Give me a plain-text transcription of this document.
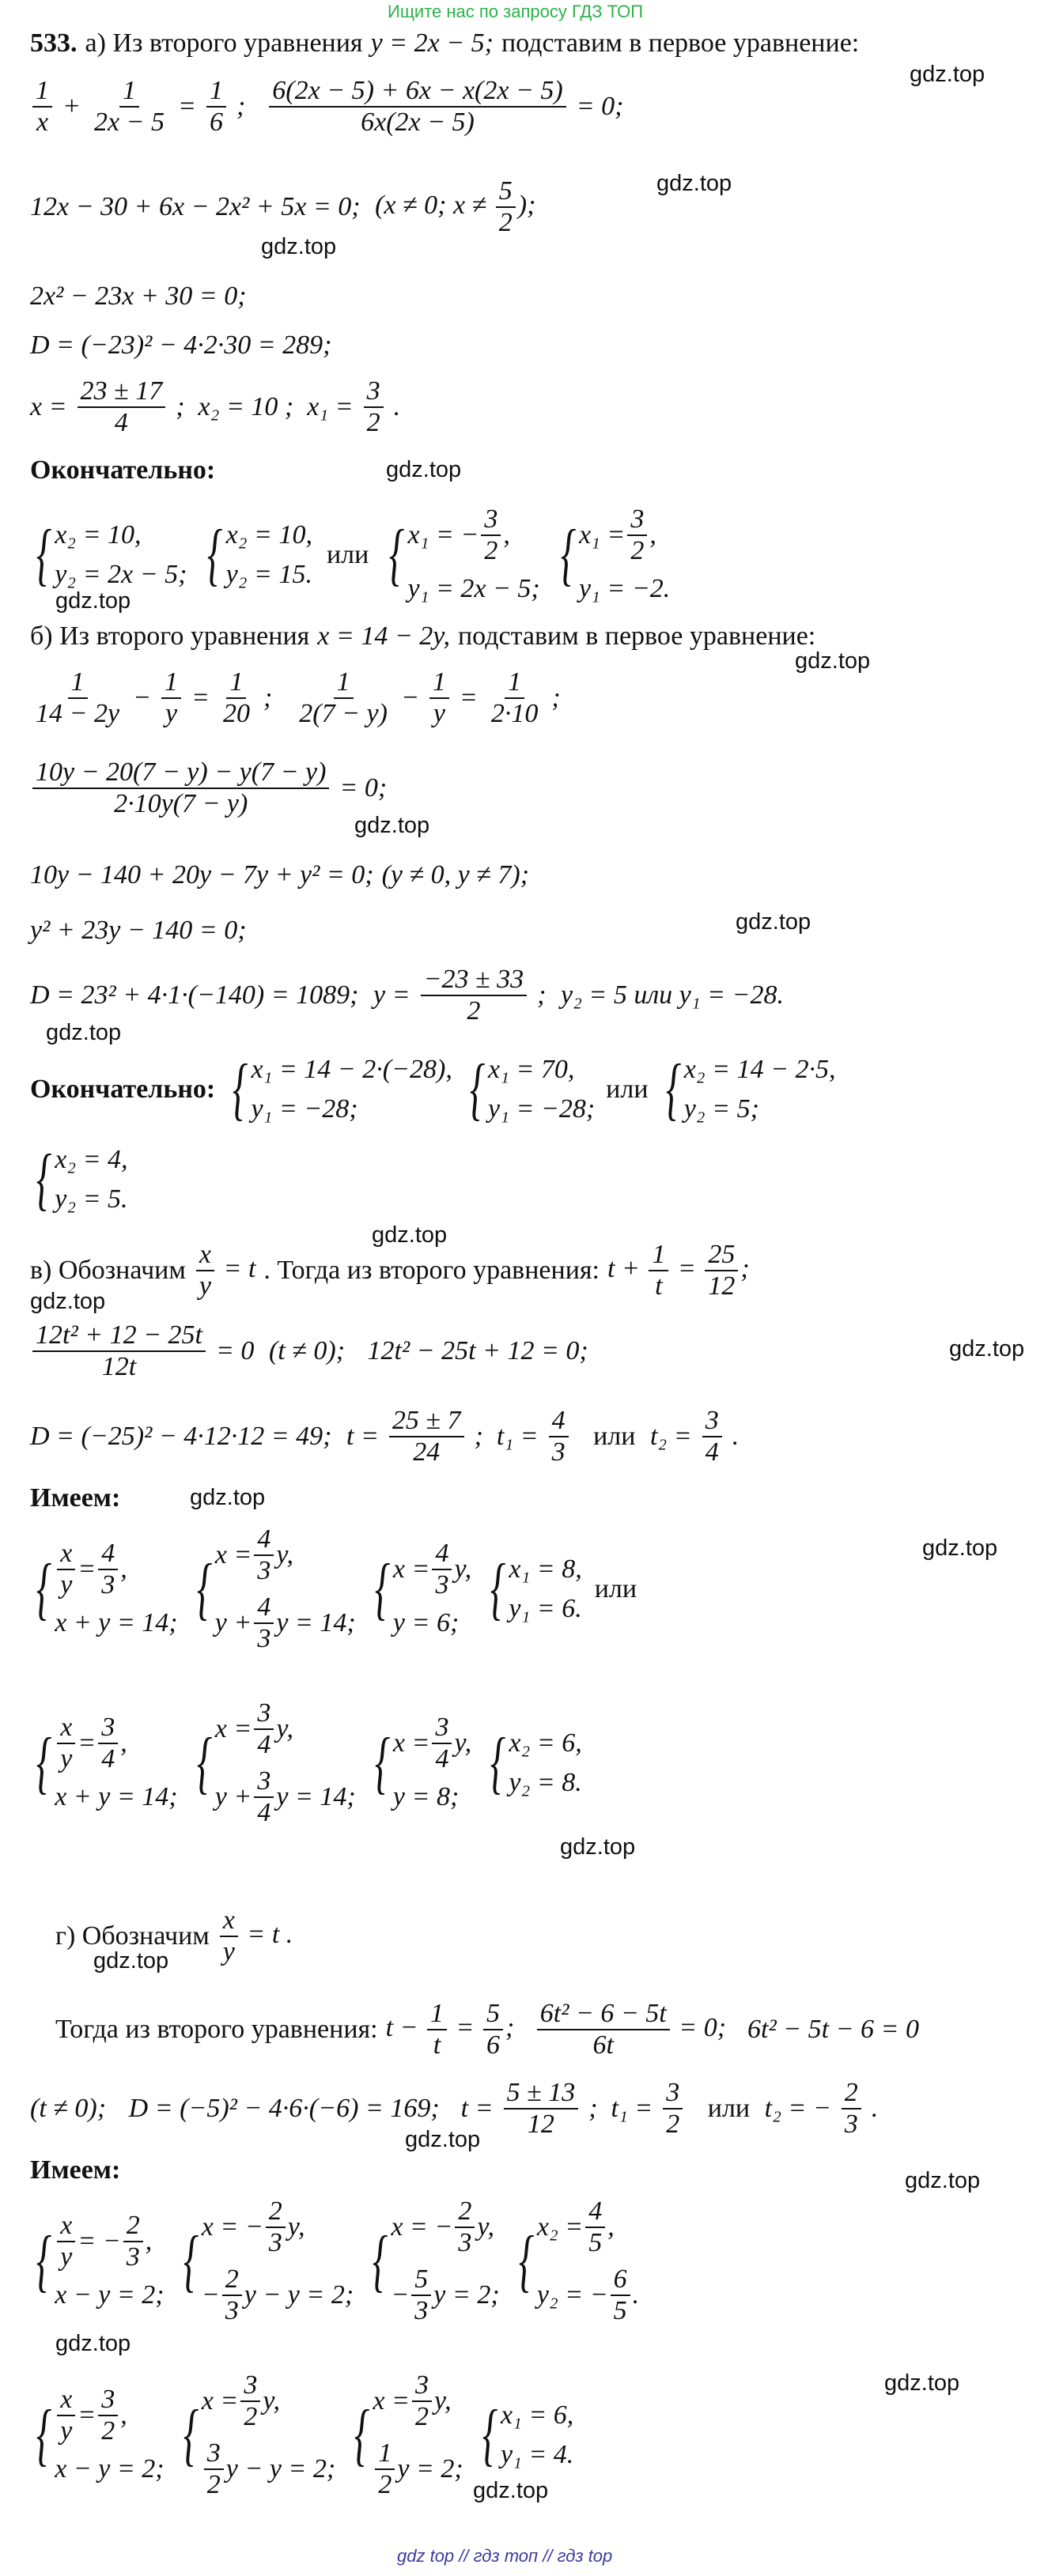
Ищите нас по запросу ГДЗ ТОП
533. а) Из второго уравнения y = 2x − 5; подставим в первое уравнение:
gdz.top
1
x
+
1
2x − 5
=
1
6
;
6(2x − 5) + 6x − x(2x − 5)
6x(2x − 5)
= 0;
12x − 30 + 6x − 2x² + 5x = 0; (x ≠ 0; $x \ne \frac{5}{2}$ );
gdz.top
gdz.top
2x² − 23x + 30 = 0;
D = (−23)² − 4·2·30 = 289;
x =
23 ± 17
4
;  x₂ = 10 ;  x₁ =
3
2
.
Окончательно:	gdz.top
{ x₂ = 10,
y₂ = 2x − 5; { x₂ = 10,
y₂ = 15.
или { x₁ = −
3
2
,
y₁ = 2x − 5; { x₁ =
3
2
,
y₁ = −2.
gdz.top
б) Из второго уравнения x = 14 − 2y, подставим в первое уравнение:
gdz.top
1
14 − 2y
−
1
y
=
1
20
;
1
2(7 − y)
−
1
y
=
1
2·10
;
10y − 20(7 − y) − y(7 − y)
2·10y(7 − y)
= 0;
gdz.top
10y − 140 + 20y − 7y + y² = 0; (y ≠ 0, y ≠ 7);
y² + 23y − 140 = 0;	gdz.top
D = 23² + 4·1·(−140) = 1089; y =
−23 ± 33
2
; y₂ = 5 или y₁ = −28.
gdz.top
Окончательно: { x₁ = 14 − 2·(−28),
y₁ = −28;	{ x₁ = 70,
y₁ = −28;
или { x₂ = 14 − 2·5,
y₂ = 5;
{ x₂ = 4,
y₂ = 5.
gdz.top
в) Обозначим $\frac{x}{y} = t$ . Тогда из второго уравнения: $t + \frac{1}{t} = \frac{25}{12}$ ;
gdz.top
12t² + 12 − 25t
12t
= 0 (t ≠ 0);
12t² − 25t + 12 = 0;	gdz.top
D = (−25)² − 4·12·12 = 49; t =
25 ± 7
24
;  t₁ =
4
3

или t₂ =
3
4
.
Имеем:	gdz.top
gdz.top
{ x
y
=
4
3
,
x + y = 14; { x =
4
3
y,
y +
4
3
y = 14; { x =
4
3
y,
y = 6; { x₁ = 8,
y₁ = 6.
или
{ x
y
=
3
4
,
x + y = 14; { x =
3
4
y,
y +
3
4
y = 14; { x =
3
4
y,
y = 8; { x₂ = 6,
y₂ = 8.
gdz.top
г) Обозначим $\frac{x}{y} = t$ .
gdz.top
Тогда из второго уравнения: $t - \frac{1}{t} = \frac{5}{6}$ ; $\frac{\text{6t² − 6 − 5t}}{6t} = 0$; 6t² − 5t − 6 = 0
(t ≠ 0);
D = (−5)² − 4·6·(−6) = 169; t =
5 ± 13
12
;  t₁ =
3
2

или t₂ = −
2
3
.
gdz.top
Имеем:	gdz.top
{ x
y
= −
2
3
,
x − y = 2; { x = −
2
3
y,
−
2
3
y − y = 2; { x = −
2
3
y,
−
5
3
y = 2; { x₂ =
4
5
,
y₂ = −
6
5
.
gdz.top
{ x
y
=
3
2
,
x − y = 2; { x =
3
2
y,
3
2
y − y = 2; { x =
3
2
y,
1
2
y = 2; { x₁ = 6,
y₁ = 4.
gdz.top
gdz.top
gdz top // гдз топ // гдз top
